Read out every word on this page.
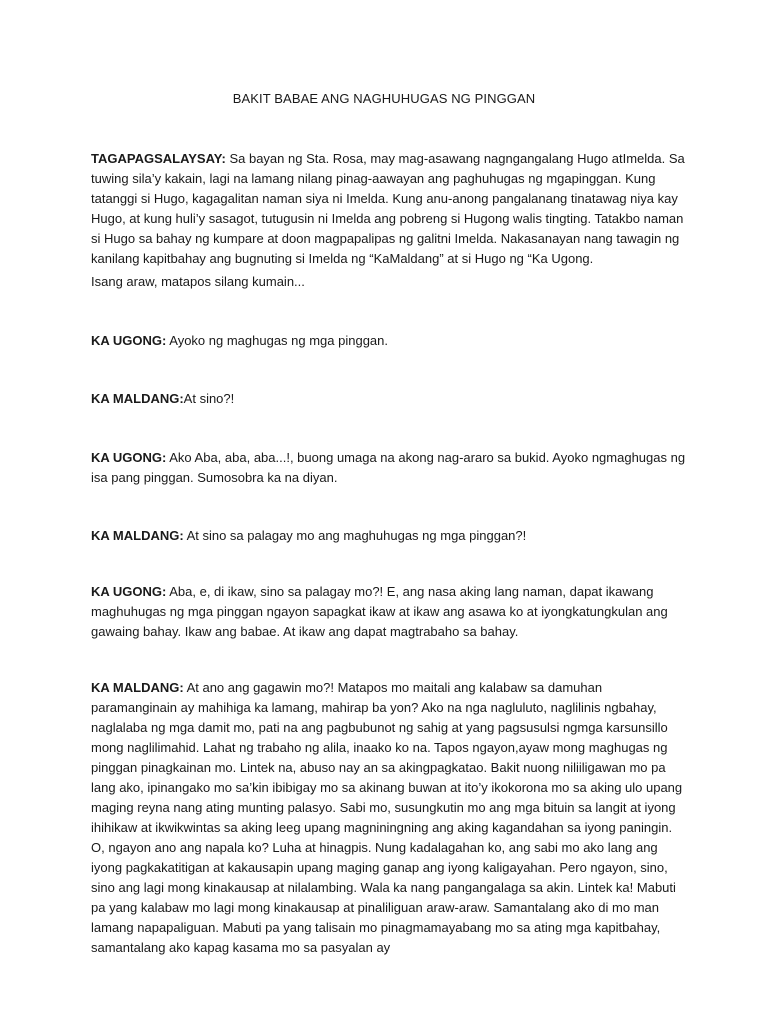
BAKIT BABAE ANG NAGHUHUGAS NG PINGGAN
TAGAPAGSALAYSAY: Sa bayan ng Sta. Rosa, may mag-asawang nagngangalang Hugo atImelda. Sa tuwing sila’y kakain, lagi na lamang nilang pinag-aawayan ang paghuhugas ng mgapinggan. Kung tatanggi si Hugo, kagagalitan naman siya ni Imelda. Kung anu-anong pangalanang tinatawag niya kay Hugo, at kung huli’y sasagot, tutugusin ni Imelda ang pobreng si Hugong walis tingting. Tatakbo naman si Hugo sa bahay ng kumpare at doon magpapalipas ng galitni Imelda. Nakasanayan nang tawagin ng kanilang kapitbahay ang bugnuting si Imelda ng “KaMaldang” at si Hugo ng “Ka Ugong.
Isang araw, matapos silang kumain...
KA UGONG: Ayoko ng maghugas ng mga pinggan.
KA MALDANG:At sino?!
KA UGONG: Ako Aba, aba, aba...!, buong umaga na akong nag-araro sa bukid. Ayoko ngmaghugas ng isa pang pinggan. Sumosobra ka na diyan.
KA MALDANG: At sino sa palagay mo ang maghuhugas ng mga pinggan?!
KA UGONG: Aba, e, di ikaw, sino sa palagay mo?! E, ang nasa aking lang naman, dapat ikawang maghuhugas ng mga pinggan ngayon sapagkat ikaw at ikaw ang asawa ko at iyongkatungkulan ang gawaing bahay. Ikaw ang babae. At ikaw ang dapat magtrabaho sa bahay.
KA MALDANG: At ano ang gagawin mo?! Matapos mo maitali ang kalabaw sa damuhan paramanginain ay mahihiga ka lamang, mahirap ba yon? Ako na nga nagluluto, naglilinis ngbahay, naglalaba ng mga damit mo, pati na ang pagbubunot ng sahig at yang pagsusulsi ngmga karsunsillo mong naglilimahid. Lahat ng trabaho ng alila, inaako ko na. Tapos ngayon,ayaw mong maghugas ng pinggan pinagkainan mo. Lintek na, abuso nay an sa akingpagkatao. Bakit nuong niliiligawan mo pa lang ako, ipinangako mo sa’kin ibibigay mo sa akinang buwan at ito’y ikokorona mo sa aking ulo upang maging reyna nang ating munting palasyo. Sabi mo, susungkutin mo ang mga bituin sa langit at iyong ihihikaw at ikwikwintas sa aking leeg upang magniningning ang aking kagandahan sa iyong paningin. O, ngayon ano ang napala ko? Luha at hinagpis. Nung kadalagahan ko, ang sabi mo ako lang ang iyong pagkakatitigan at kakausapin upang maging ganap ang iyong kaligayahan. Pero ngayon, sino, sino ang lagi mong kinakausap at nilalambing. Wala ka nang pangangalaga sa akin. Lintek ka! Mabuti pa yang kalabaw mo lagi mong kinakausap at pinaliliguan araw-araw. Samantalang ako di mo man lamang napapaliguan. Mabuti pa yang talisain mo pinagmamayabang mo sa ating mga kapitbahay, samantalang ako kapag kasama mo sa pasyalan ay
